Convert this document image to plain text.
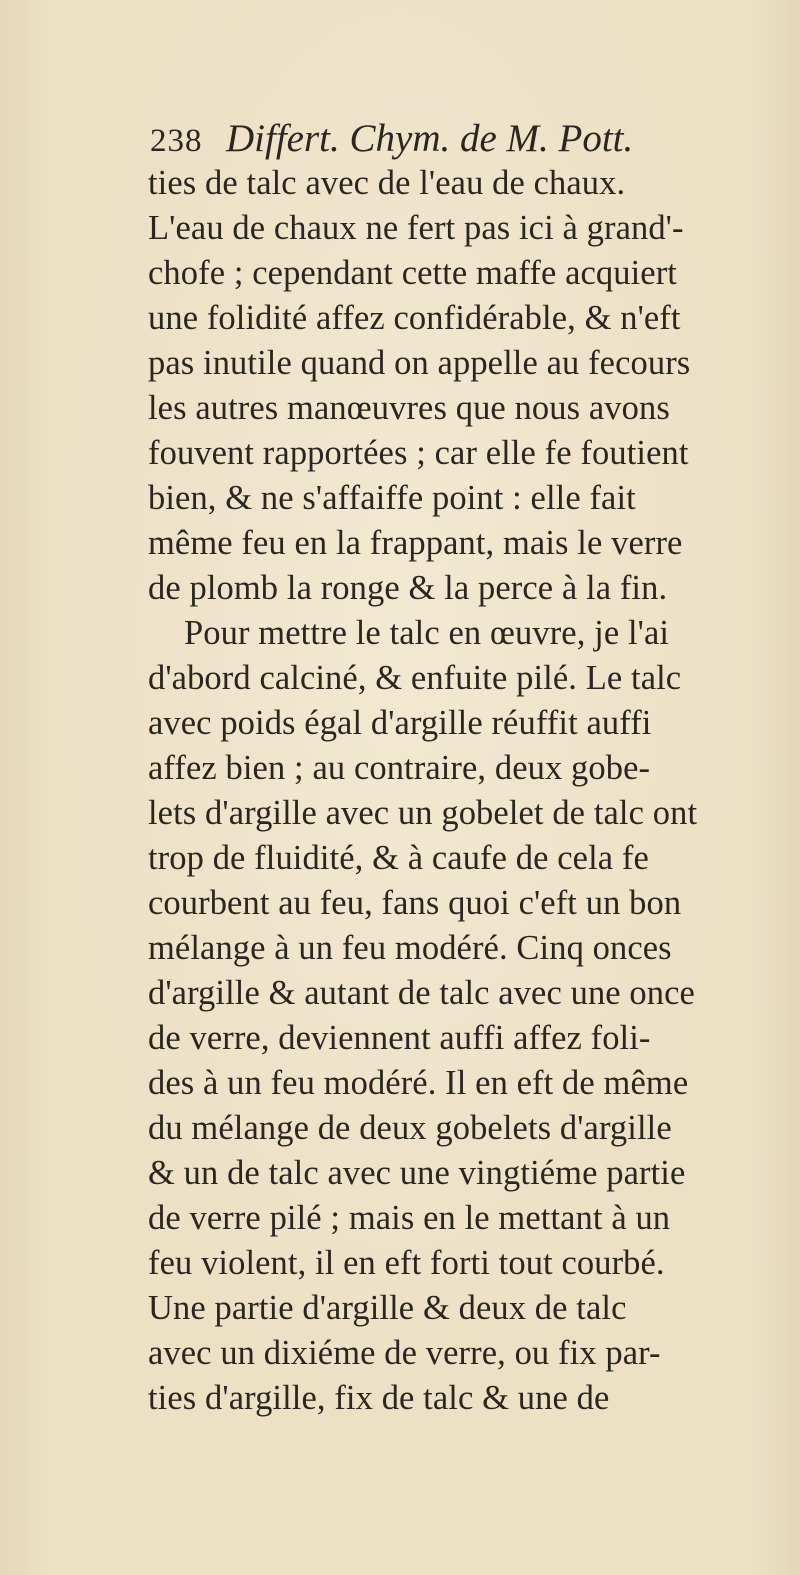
238 Differt. Chym. de M. Pott.
ties de talc avec de l'eau de chaux.
L'eau de chaux ne fert pas ici à grand'-
chofe ; cependant cette maffe acquiert
une folidité affez confidérable, & n'eft
pas inutile quand on appelle au fecours
les autres manœuvres que nous avons
fouvent rapportées ; car elle fe foutient
bien, & ne s'affaiffe point : elle fait
même feu en la frappant, mais le verre
de plomb la ronge & la perce à la fin.
Pour mettre le talc en œuvre, je l'ai
d'abord calciné, & enfuite pilé. Le talc
avec poids égal d'argille réuffit auffi
affez bien ; au contraire, deux gobe-
lets d'argille avec un gobelet de talc ont
trop de fluidité, & à caufe de cela fe
courbent au feu, fans quoi c'eft un bon
mélange à un feu modéré. Cinq onces
d'argille & autant de talc avec une once
de verre, deviennent auffi affez foli-
des à un feu modéré. Il en eft de même
du mélange de deux gobelets d'argille
& un de talc avec une vingtiéme partie
de verre pilé ; mais en le mettant à un
feu violent, il en eft forti tout courbé.
Une partie d'argille & deux de talc
avec un dixiéme de verre, ou fix par-
ties d'argille, fix de talc & une de
